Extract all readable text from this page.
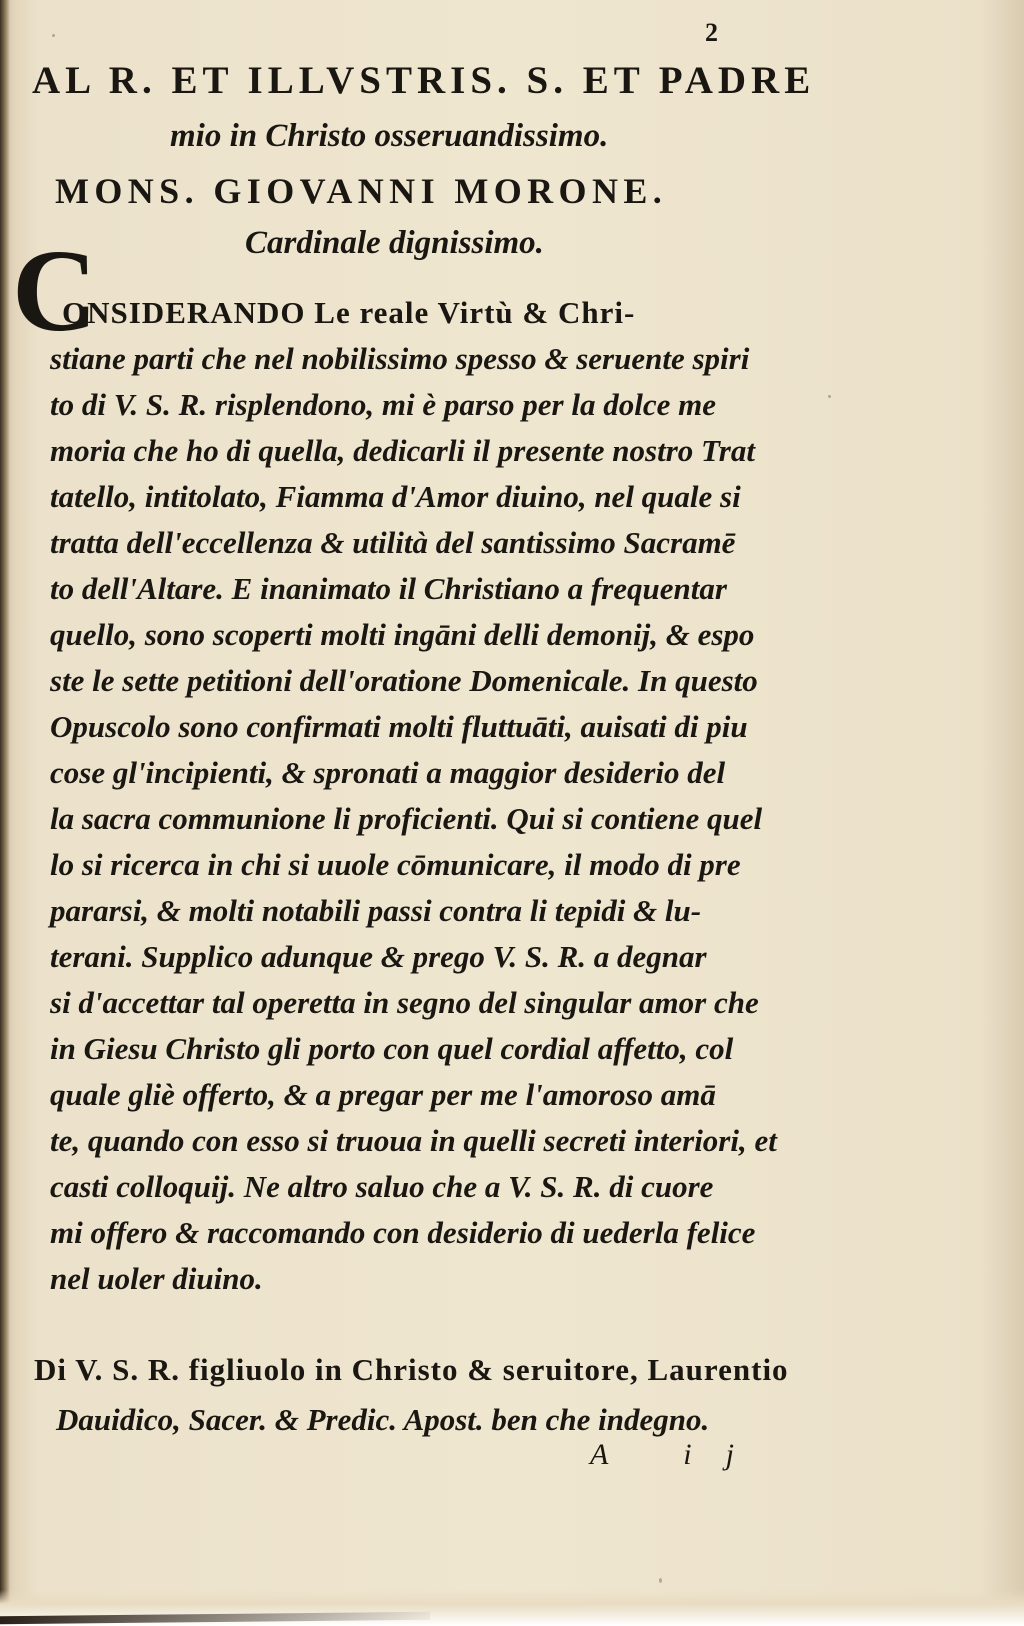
2
AL R. ET ILLVSTRIS. S. ET PADRE
mio in Christo osseruandissimo.
MONS. GIOVANNI MORONE.
Cardinale dignissimo.
C
ONSIDERANDO Le reale Virtù & Chri-
stiane parti che nel nobilissimo spesso & seruente spiri
to di V. S. R. risplendono, mi è parso per la dolce me
moria che ho di quella, dedicarli il presente nostro Trat
tatello, intitolato, Fiamma d'Amor diuino, nel quale si
tratta dell'eccellenza & utilità del santissimo Sacramē
to dell'Altare. E inanimato il Christiano a frequentar
quello, sono scoperti molti ingāni delli demonij, & espo
ste le sette petitioni dell'oratione Domenicale. In questo
Opuscolo sono confirmati molti fluttuāti, auisati di piu
cose gl'incipienti, & spronati a maggior desiderio del
la sacra communione li proficienti. Qui si contiene quel
lo si ricerca in chi si uuole cōmunicare, il modo di pre
pararsi, & molti notabili passi contra li tepidi & lu-
terani. Supplico adunque & prego V. S. R. a degnar
si d'accettar tal operetta in segno del singular amor che
in Giesu Christo gli porto con quel cordial affetto, col
quale gliè offerto, & a pregar per me l'amoroso amā
te, quando con esso si truoua in quelli secreti interiori, et
casti colloquij. Ne altro saluo che a V. S. R. di cuore
mi offero & raccomando con desiderio di uederla felice
nel uoler diuino.
Di V. S. R. figliuolo in Christo & seruitore, Laurentio
Dauidico, Sacer. & Predic. Apost. ben che indegno.
A ij
